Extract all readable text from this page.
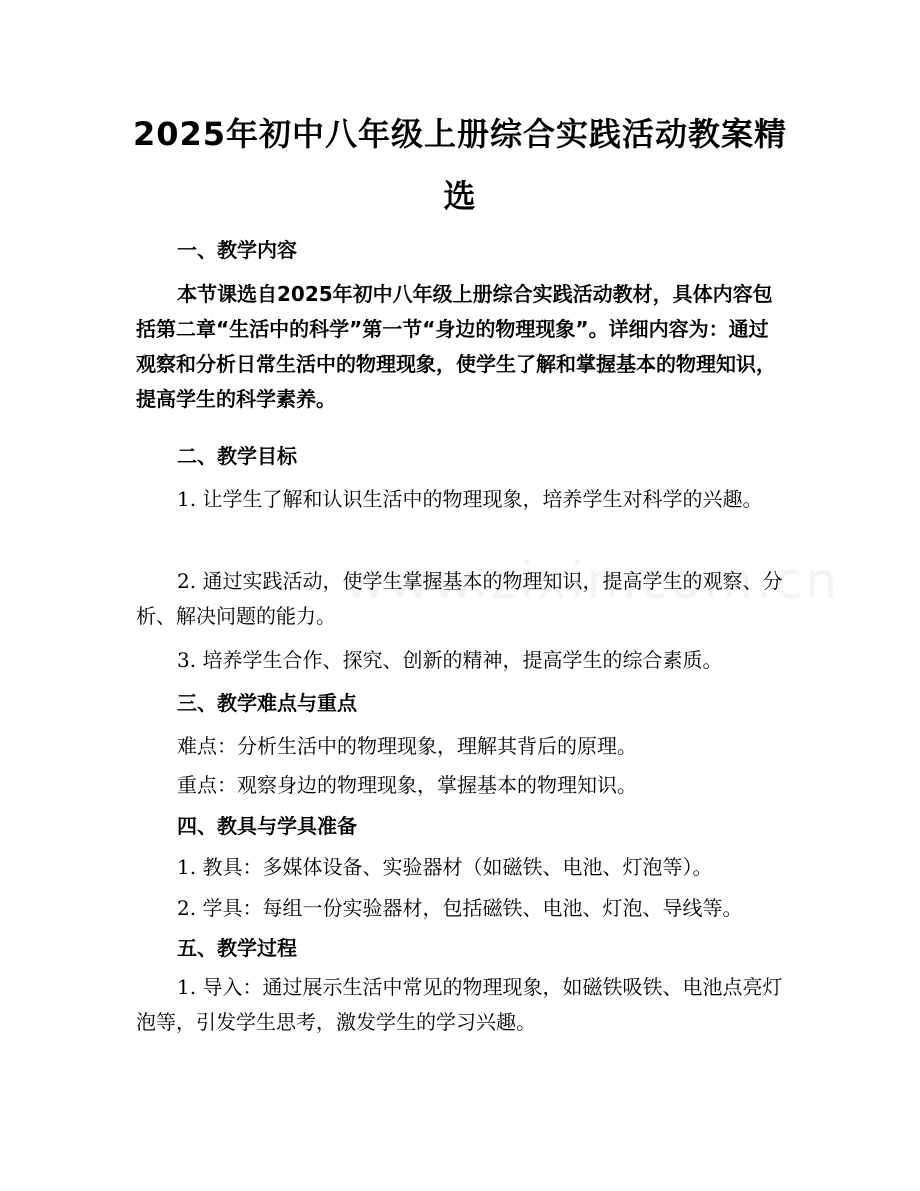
2025年初中八年级上册综合实践活动教案精选
一、教学内容

本节课选自2025年初中八年级上册综合实践活动教材，具体内容包括第二章“生活中的科学”第一节“身边的物理现象”。详细内容为：通过观察和分析日常生活中的物理现象，使学生了解和掌握基本的物理知识，提高学生的科学素养。

二、教学目标

1. 让学生了解和认识生活中的物理现象，培养学生对科学的兴趣。

2. 通过实践活动，使学生掌握基本的物理知识，提高学生的观察、分析、解决问题的能力。

3. 培养学生合作、探究、创新的精神，提高学生的综合素质。
三、教学难点与重点
难点：分析生活中的物理现象，理解其背后的原理。
重点：观察身边的物理现象，掌握基本的物理知识。
四、教具与学具准备
1. 教具：多媒体设备、实验器材（如磁铁、电池、灯泡等）。
2. 学具：每组一份实验器材，包括磁铁、电池、灯泡、导线等。
五、教学过程

1. 导入：通过展示生活中常见的物理现象，如磁铁吸铁、电池点亮灯泡等，引发学生思考，激发学生的学习兴趣。
